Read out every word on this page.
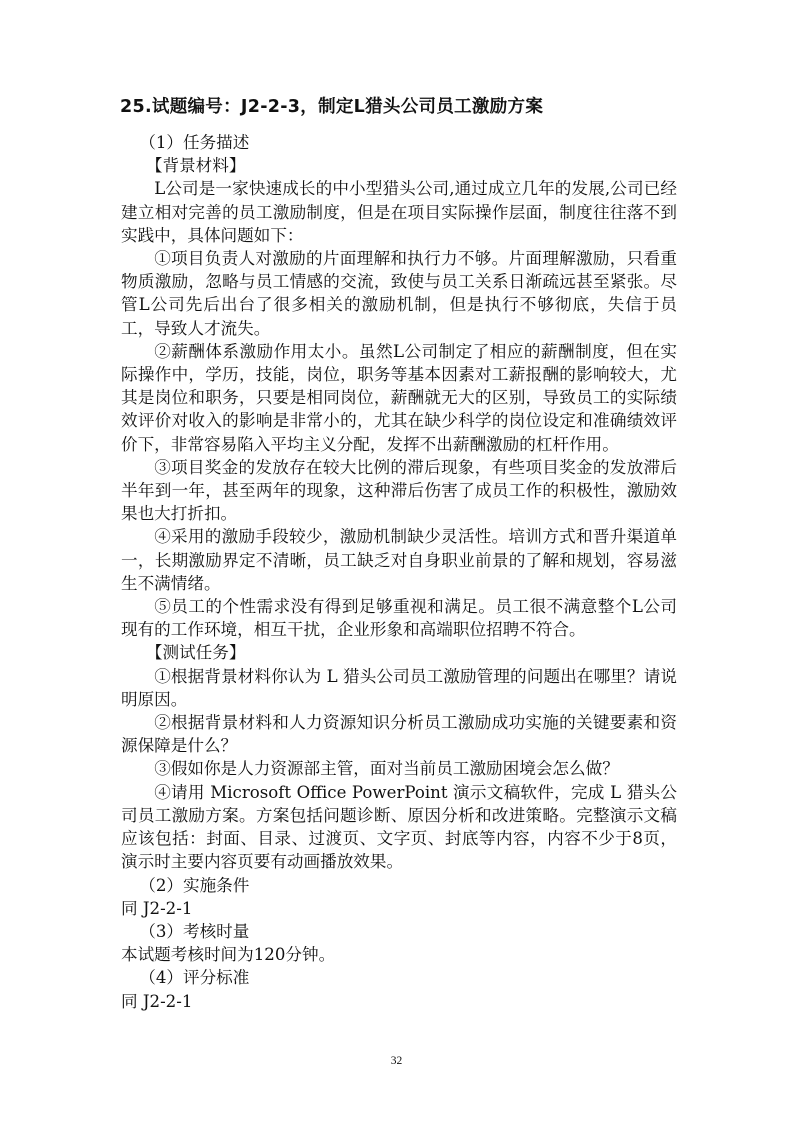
25.试题编号：J2-2-3，制定L猎头公司员工激励方案

（1）任务描述

【背景材料】

L公司是一家快速成长的中小型猎头公司,通过成立几年的发展,公司已经建立相对完善的员工激励制度，但是在项目实际操作层面，制度往往落不到实践中，具体问题如下：

①项目负责人对激励的片面理解和执行力不够。片面理解激励，只看重物质激励，忽略与员工情感的交流，致使与员工关系日渐疏远甚至紧张。尽管L公司先后出台了很多相关的激励机制，但是执行不够彻底，失信于员工，导致人才流失。

②薪酬体系激励作用太小。虽然L公司制定了相应的薪酬制度，但在实际操作中，学历，技能，岗位，职务等基本因素对工薪报酬的影响较大，尤其是岗位和职务，只要是相同岗位，薪酬就无大的区别，导致员工的实际绩效评价对收入的影响是非常小的，尤其在缺少科学的岗位设定和准确绩效评价下，非常容易陷入平均主义分配，发挥不出薪酬激励的杠杆作用。

③项目奖金的发放存在较大比例的滞后现象，有些项目奖金的发放滞后半年到一年，甚至两年的现象，这种滞后伤害了成员工作的积极性，激励效果也大打折扣。

④采用的激励手段较少，激励机制缺少灵活性。培训方式和晋升渠道单一，长期激励界定不清晰，员工缺乏对自身职业前景的了解和规划，容易滋生不满情绪。

⑤员工的个性需求没有得到足够重视和满足。员工很不满意整个L公司现有的工作环境，相互干扰，企业形象和高端职位招聘不符合。

【测试任务】

①根据背景材料你认为 L 猎头公司员工激励管理的问题出在哪里？请说明原因。

②根据背景材料和人力资源知识分析员工激励成功实施的关键要素和资源保障是什么？

③假如你是人力资源部主管，面对当前员工激励困境会怎么做？

④请用 Microsoft Office PowerPoint 演示文稿软件，完成 L 猎头公司员工激励方案。方案包括问题诊断、原因分析和改进策略。完整演示文稿应该包括：封面、目录、过渡页、文字页、封底等内容，内容不少于8页，演示时主要内容页要有动画播放效果。

（2）实施条件

同 J2-2-1

（3）考核时量

本试题考核时间为120分钟。

（4）评分标准

同 J2-2-1

32
